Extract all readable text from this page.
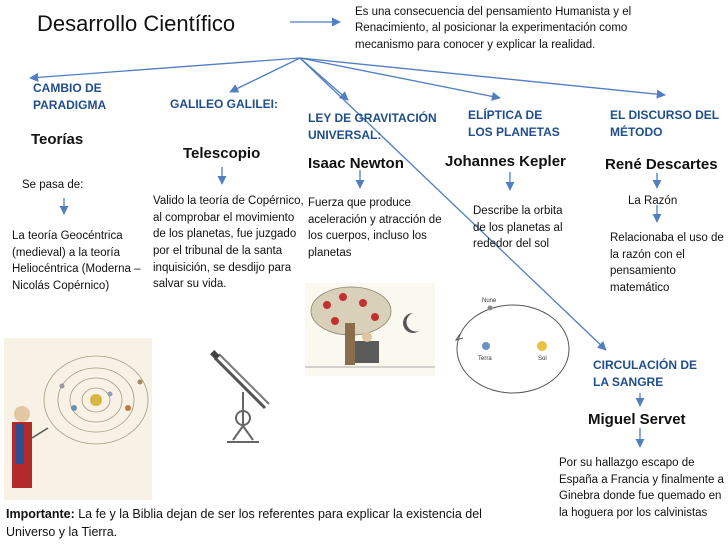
Desarrollo Científico	Es una consecuencia del pensamiento Humanista y el Renacimiento, al posicionar la experimentación como mecanismo para conocer y explicar la realidad.
CAMBIO DE PARADIGMA
Teorías
Se pasa de:
La teoría Geocéntrica (medieval) a la teoría Heliocéntrica (Moderna – Nicolás Copérnico)
GALILEO GALILEI:
Telescopio
Valido la teoría de Copérnico, al comprobar el movimiento de los planetas, fue juzgado por el tribunal de la santa inquisición, se desdijo para salvar su vida.
LEY DE GRAVITACIÓN UNIVERSAL:
Isaac Newton
Fuerza que produce aceleración y atracción de los cuerpos, incluso los planetas
ELÍPTICA DE LOS PLANETAS
Johannes Kepler
Describe la orbita de los planetas al rededor del sol
EL DISCURSO DEL MÉTODO
René Descartes
La Razón
Relacionaba el uso de la razón con el pensamiento matemático
CIRCULACIÓN DE LA SANGRE
Miguel Servet
Por su hallazgo escapo de España a Francia y finalmente a Ginebra donde fue quemado en la hoguera por los calvinistas
Importante: La fe y la Biblia dejan de ser los referentes para explicar la existencia del Universo y la Tierra.
Nune
Terra	Sol
